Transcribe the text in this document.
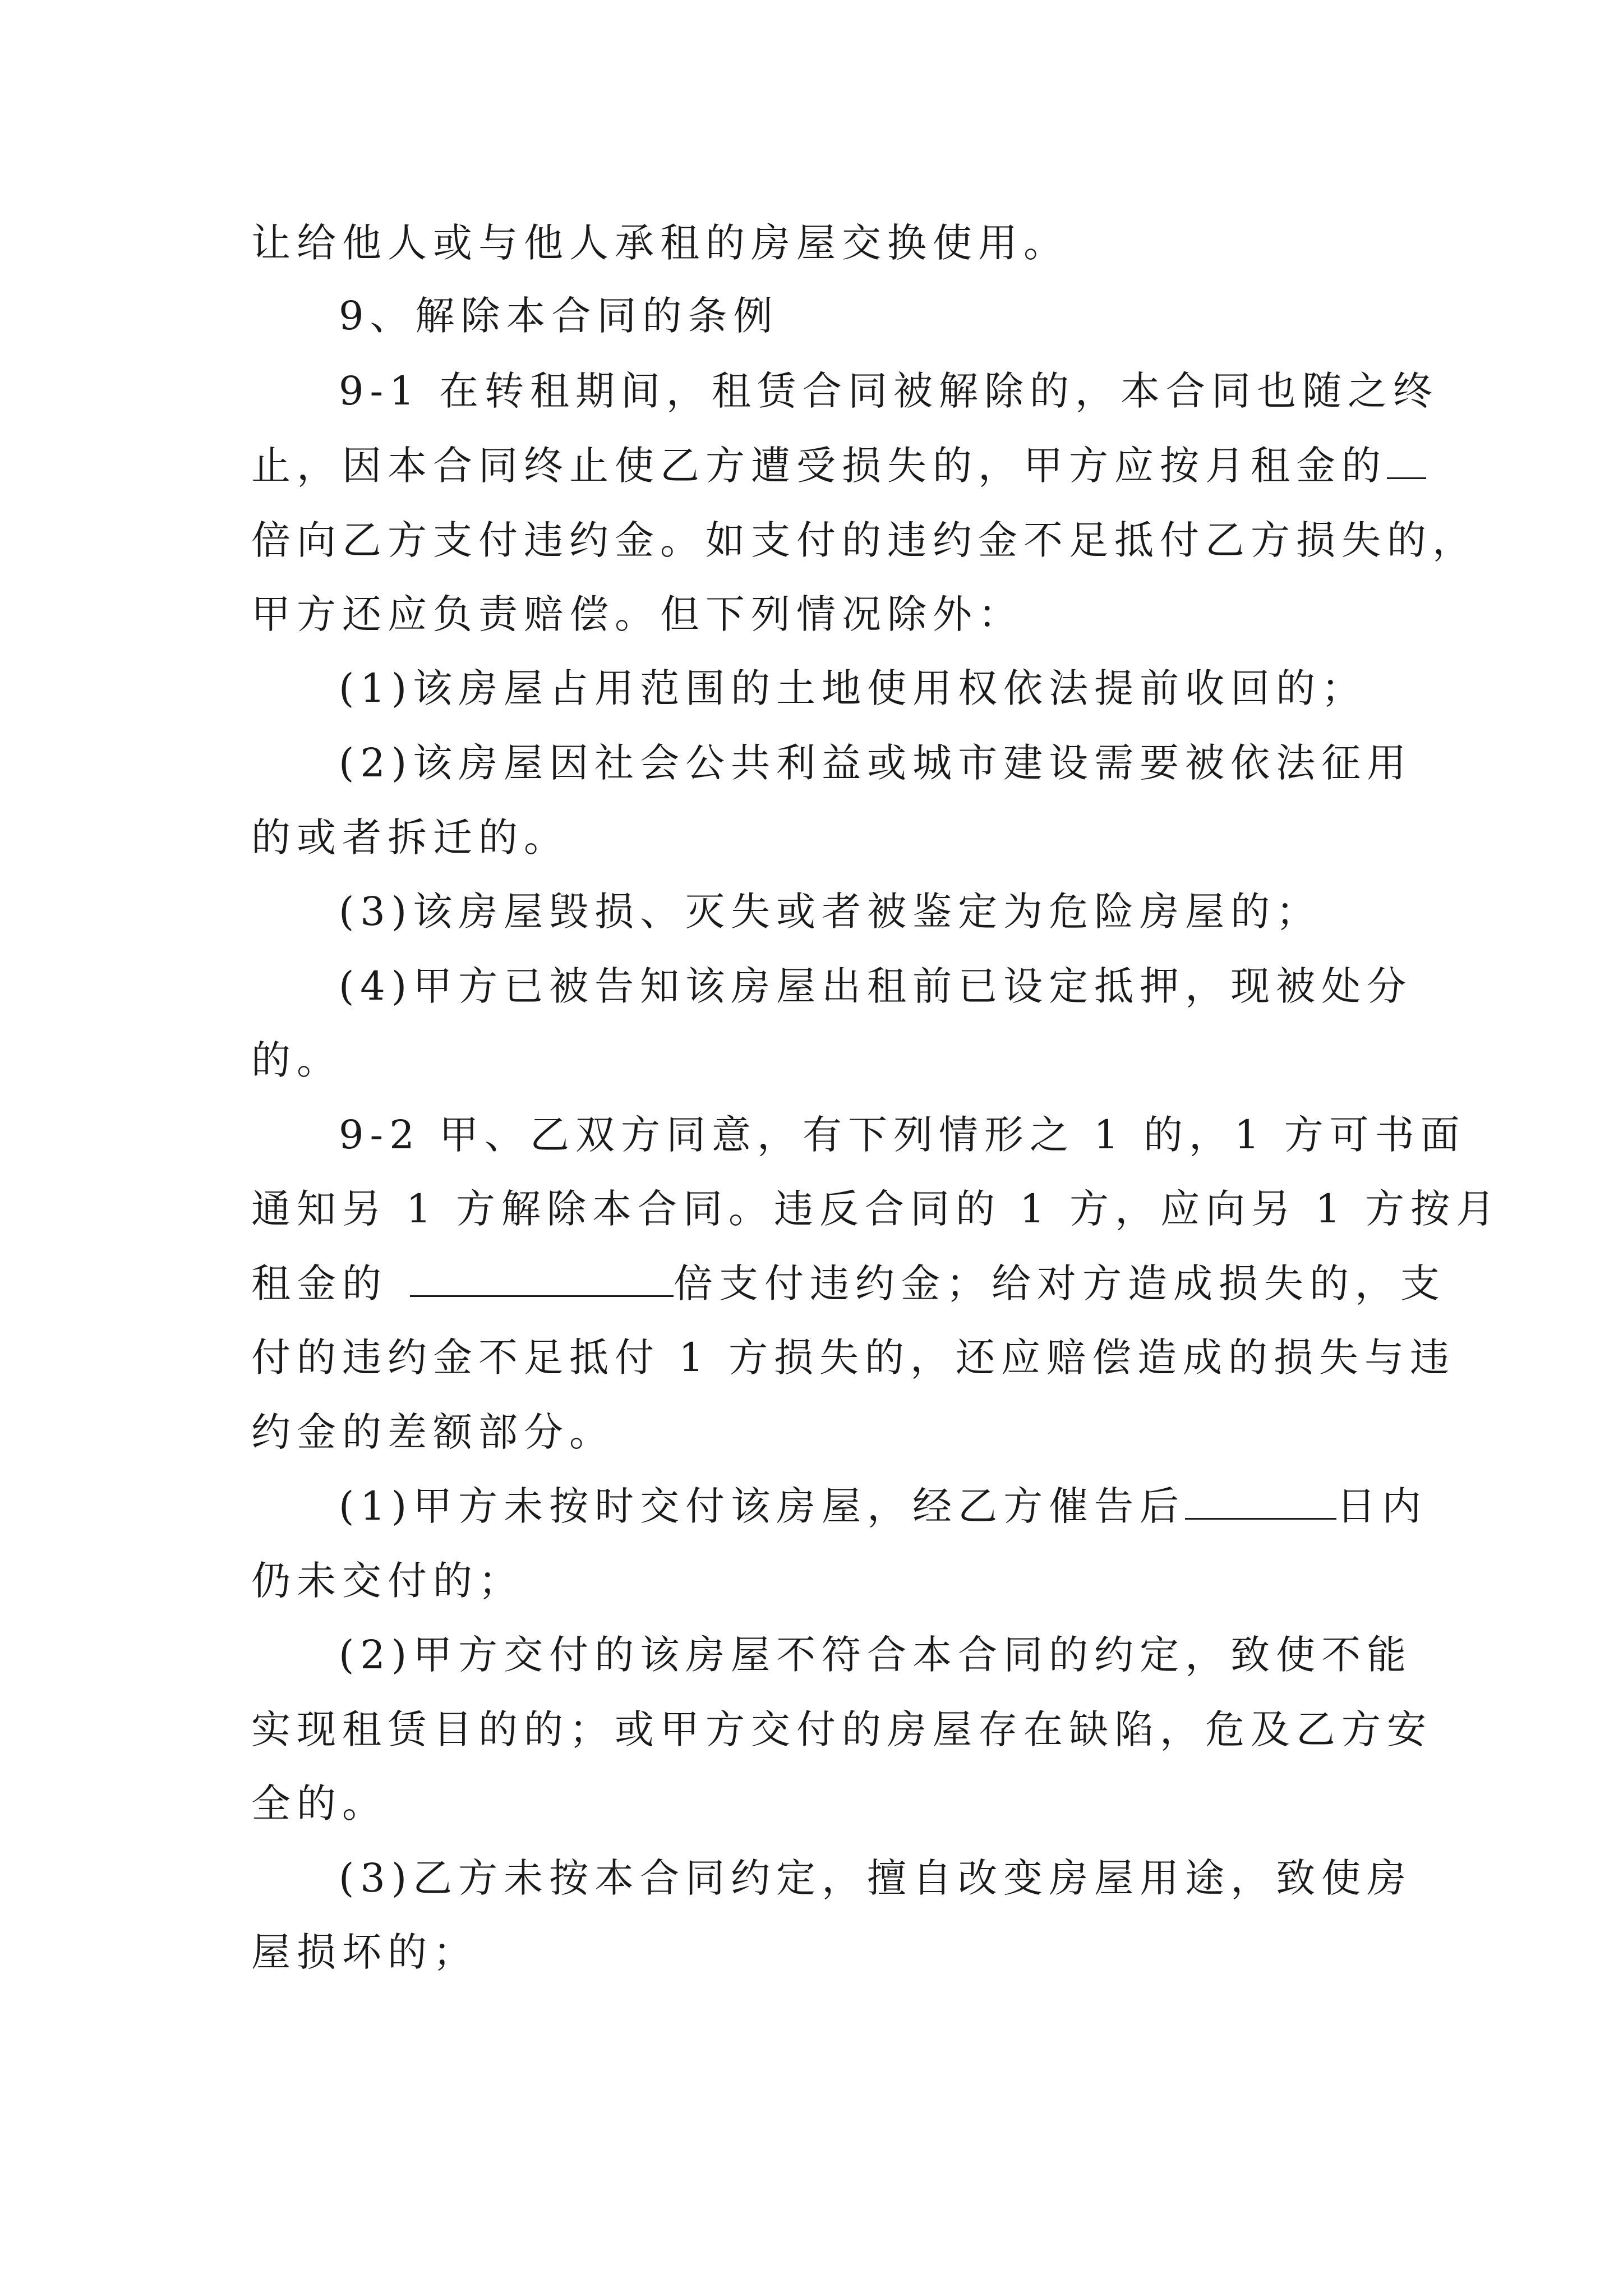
让给他人或与他人承租的房屋交换使用。
9、解除本合同的条例
9-1 在转租期间，租赁合同被解除的，本合同也随之终
止，因本合同终止使乙方遭受损失的，甲方应按月租金的
倍向乙方支付违约金。如支付的违约金不足抵付乙方损失的，
甲方还应负责赔偿。但下列情况除外：
(1)该房屋占用范围的土地使用权依法提前收回的；
(2)该房屋因社会公共利益或城市建设需要被依法征用
的或者拆迁的。
(3)该房屋毁损、灭失或者被鉴定为危险房屋的；
(4)甲方已被告知该房屋出租前已设定抵押，现被处分
的。
9-2 甲、乙双方同意，有下列情形之 1 的，1 方可书面
通知另 1 方解除本合同。违反合同的 1 方，应向另 1 方按月
租金的	倍支付违约金；给对方造成损失的，支
付的违约金不足抵付 1 方损失的，还应赔偿造成的损失与违
约金的差额部分。
(1)甲方未按时交付该房屋，经乙方催告后	日内
仍未交付的；
(2)甲方交付的该房屋不符合本合同的约定，致使不能
实现租赁目的的；或甲方交付的房屋存在缺陷，危及乙方安
全的。
(3)乙方未按本合同约定，擅自改变房屋用途，致使房
屋损坏的；
